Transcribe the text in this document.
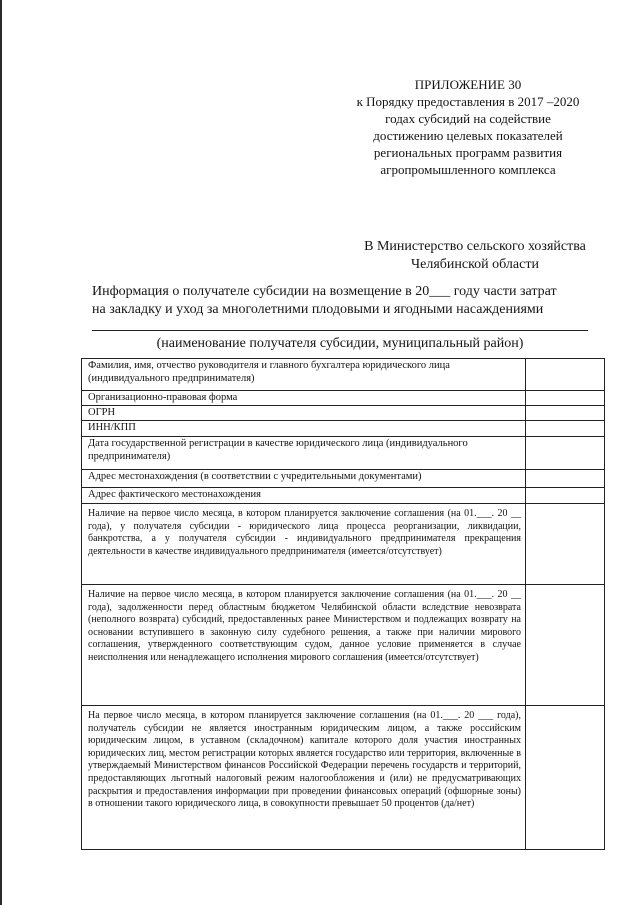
ПРИЛОЖЕНИЕ 30
к Порядку предоставления в 2017 –2020
годах субсидий на содействие
достижению целевых показателей
региональных программ развития
агропромышленного комплекса
В Министерство сельского хозяйства
Челябинской области
Информация о получателе субсидии на возмещение в 20___ году части затрат
на закладку и уход за многолетними плодовыми и ягодными насаждениями
(наименование получателя субсидии, муниципальный район)
Фамилия, имя, отчество руководителя и главного бухгалтера юридического лица (индивидуального предпринимателя)
Организационно-правовая форма
ОГРН
ИНН/КПП
Дата государственной регистрации в качестве юридического лица (индивидуального предпринимателя)
Адрес местонахождения (в соответствии с учредительными документами)
Адрес фактического местонахождения
Наличие на первое число месяца, в котором планируется заключение соглашения (на 01.___. 20 __ года), у получателя субсидии - юридического лица процесса реорганизации, ликвидации, банкротства, а у получателя субсидии - индивидуального предпринимателя прекращения деятельности в качестве индивидуального предпринимателя (имеется/отсутствует)
Наличие на первое число месяца, в котором планируется заключение соглашения (на 01.___. 20 __ года), задолженности перед областным бюджетом Челябинской области вследствие невозврата (неполного возврата) субсидий, предоставленных ранее Министерством и подлежащих возврату на основании вступившего в законную силу судебного решения, а также при наличии мирового соглашения, утвержденного соответствующим судом, данное условие применяется в случае неисполнения или ненадлежащего исполнения мирового соглашения (имеется/отсутствует)
На первое число месяца, в котором планируется заключение соглашения (на 01.___. 20 ___ года), получатель субсидии не является иностранным юридическим лицом, а также российским юридическим лицом, в уставном (складочном) капитале которого доля участия иностранных юридических лиц, местом регистрации которых является государство или территория, включенные в утверждаемый Министерством финансов Российской Федерации перечень государств и территорий, предоставляющих льготный налоговый режим налогообложения и (или) не предусматривающих раскрытия и предоставления информации при проведении финансовых операций (офшорные зоны) в отношении такого юридического лица, в совокупности превышает 50 процентов (да/нет)
